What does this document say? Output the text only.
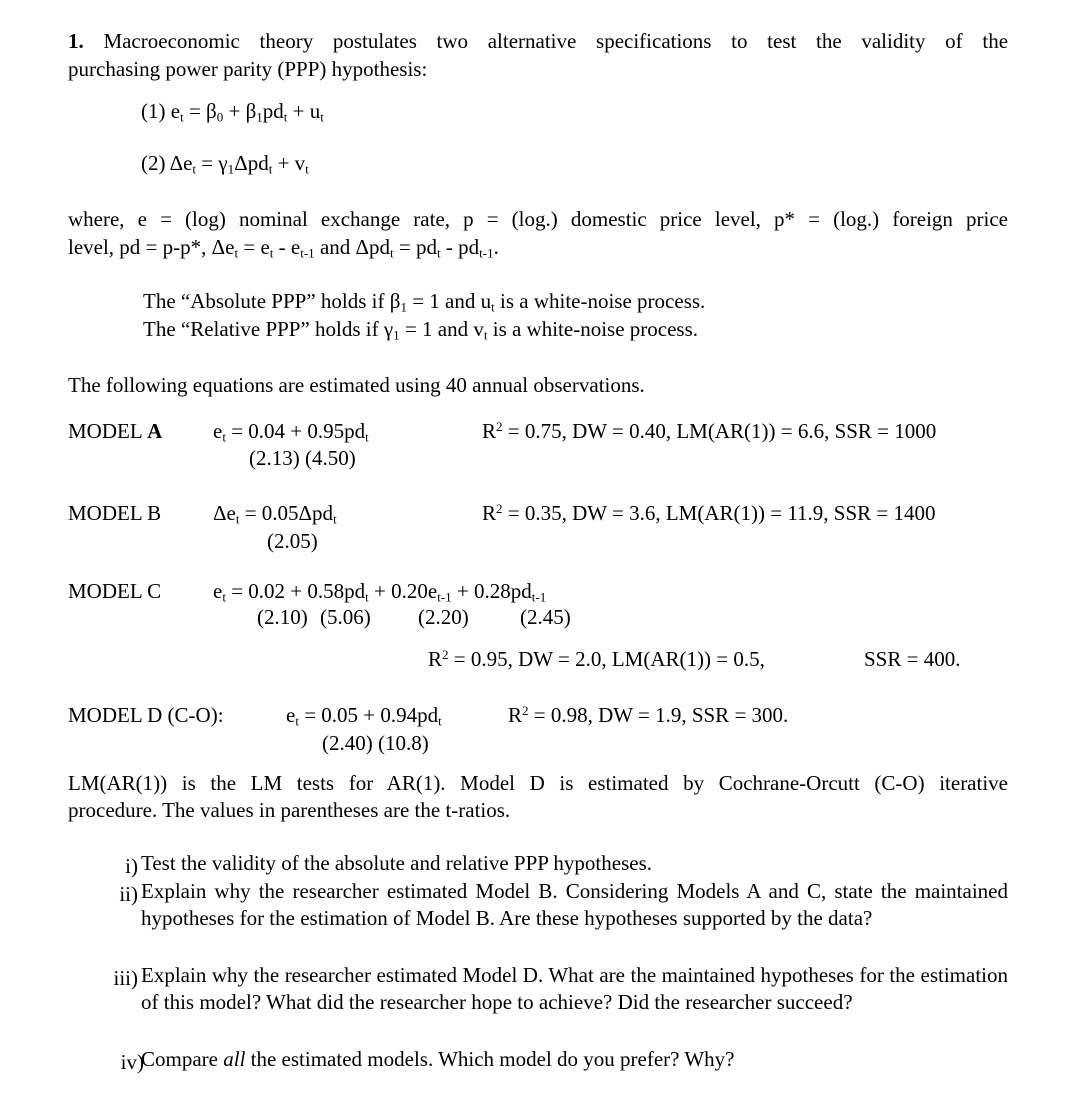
1. Macroeconomic theory postulates two alternative specifications to test the validity of the
purchasing power parity (PPP) hypothesis:
(1) $e_t = \beta_0 + \beta_1pd_t + u_t$
(2) $\Delta e_t = \gamma_1\Delta pd_t + v_t$
where, e = (log) nominal exchange rate, p = (log.) domestic price level, p* = (log.) foreign price
level, pd = p-p*, $\Delta e_t = e_t - e_{t-1}$ and $\Delta pd_t = pd_t - pd_{t-1}$.
The “Absolute PPP” holds if $\beta_1 = 1$ and $u_t$ is a white-noise process.
The “Relative PPP” holds if $\gamma_1 = 1$ and $v_t$ is a white-noise process.
The following equations are estimated using 40 annual observations.
MODEL A $e_t = 0.04 + 0.95pd_t$
(2.13) (4.50)
$R^2 = 0.75$, DW = 0.40, LM(AR(1)) = 6.6, SSR = 1000
MODEL B $\Delta e_t = 0.05\Delta pd_t$
(2.05)
$R^2 = 0.35$, DW = 3.6, LM(AR(1)) = 11.9, SSR = 1400
MODEL C $e_t = 0.02 + 0.58pd_t + 0.20e_{t-1} + 0.28pd_{t-1}$
(2.10) (5.06) (2.20) (2.45)
$R^2 = 0.95$, DW = 2.0, LM(AR(1)) = 0.5,	SSR = 400.
MODEL D (C-O):	$e_t = 0.05 + 0.94pd_t$
(2.40) (10.8)
$R^2 = 0.98$, DW = 1.9, SSR = 300.
LM(AR(1)) is the LM tests for AR(1). Model D is estimated by Cochrane-Orcutt (C-O) iterative
procedure. The values in parentheses are the t-ratios.
i) Test the validity of the absolute and relative PPP hypotheses.
ii) Explain why the researcher estimated Model B. Considering Models A and C, state the maintained hypotheses for the estimation of Model B. Are these hypotheses supported by the data?
iii) Explain why the researcher estimated Model D. What are the maintained hypotheses for the estimation of this model? What did the researcher hope to achieve? Did the researcher succeed?
iv)
Compare all the estimated models. Which model do you prefer? Why?
